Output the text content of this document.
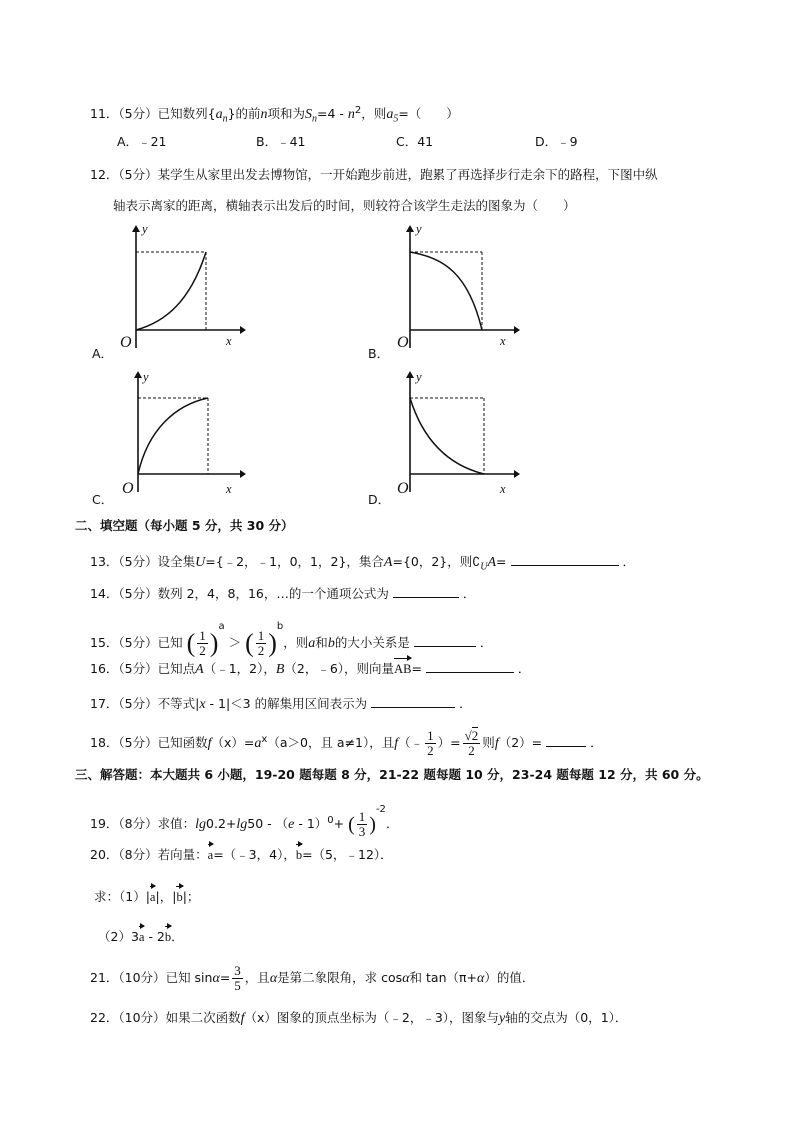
11．（5分）已知数列$\{a_n\}$的前n项和为$S_n=4 - n^2$，则$a_5=$（　　）
A．﹣21	B．﹣41	C．41	D．﹣9
12．（5分）某学生从家里出发去博物馆，一开始跑步前进，跑累了再选择步行走余下的路程，下图中纵
轴表示离家的距离，横轴表示出发后的时间，则较符合该学生走法的图象为（　　）
y
x
O
A．
y
x
O
B．
y
x
O
C．
y
x
O
D．
二、填空题（每小题 5 分，共 30 分）
13．（5分）设全集U={﹣2，﹣1，0，1，2}，集合A={0，2}，则$∁_UA=$	．
14．（5分）数列 2，4，8，16，…的一个通项公式为	．
15．（5分）已知 ( $\frac{1}{2} )^a$ ＞ ( $\frac{1}{2} )^b$，则a和b的大小关系是	．
16．（5分）已知点A（﹣1，2），B（2，﹣6），则向量AB=	．
17．（5分）不等式|x - 1|＜3 的解集用区间表示为	．
18．（5分）已知函数$f(x)=a^x(a>0$，且 a≠1），且f（﹣ $\frac{1}{2}$ ）= $\frac{√2}{2}$ 则f（2）=	．
三、解答题：本大题共 6 小题，19-20 题每题 8 分，21-22 题每题 10 分，23-24 题每题 12 分，共 60 分。
19．（8分）求值：lg0.2+lg50 - （e - 1）$^0$+ ( $\frac{1}{3} )^{-2}$．
20．（8分）若向量：a=（﹣3，4），b=（5，﹣12）．
求：（1）|a|，|b|；
（2）3a - 2b．
21．（10分）已知 $\sin\alpha= \frac{3}{5}$ ，且α是第二象限角，求 cosα和 tan（π+α）的值．
22．（10分）如果二次函数f（x）图象的顶点坐标为（﹣2，﹣3），图象与y轴的交点为（0，1）．
